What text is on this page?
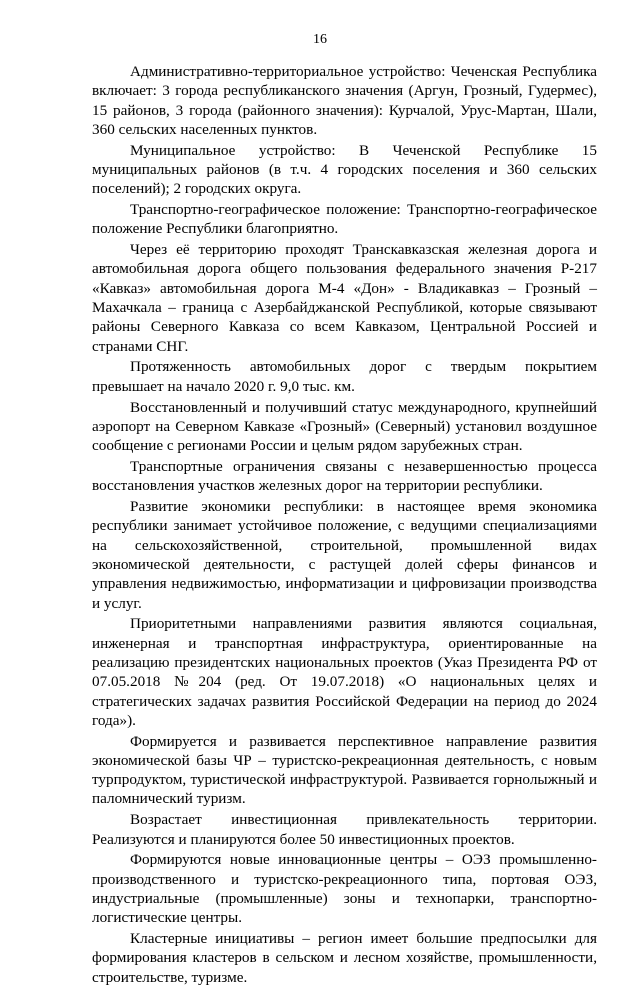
16

Административно-территориальное устройство: Чеченская Республика включает: 3 города республиканского значения (Аргун, Грозный, Гудермес), 15 районов, 3 города (районного значения): Курчалой, Урус-Мартан, Шали, 360 сельских населенных пунктов.

Муниципальное устройство: В Чеченской Республике 15 муниципальных районов (в т.ч. 4 городских поселения и 360 сельских поселений); 2 городских округа.

Транспортно-географическое положение: Транспортно-географическое положение Республики благоприятно.

Через её территорию проходят Транскавказская железная дорога и автомобильная дорога общего пользования федерального значения Р-217 «Кавказ» автомобильная дорога М-4 «Дон» - Владикавказ – Грозный – Махачкала – граница с Азербайджанской Республикой, которые связывают районы Северного Кавказа со всем Кавказом, Центральной Россией и странами СНГ.

Протяженность автомобильных дорог с твердым покрытием превышает на начало 2020 г. 9,0 тыс. км.

Восстановленный и получивший статус международного, крупнейший аэропорт на Северном Кавказе «Грозный» (Северный) установил воздушное сообщение с регионами России и целым рядом зарубежных стран.

Транспортные ограничения связаны с незавершенностью процесса восстановления участков железных дорог на территории республики.

Развитие экономики республики: в настоящее время экономика республики занимает устойчивое положение, с ведущими специализациями на сельскохозяйственной, строительной, промышленной видах экономической деятельности, с растущей долей сферы финансов и управления недвижимостью, информатизации и цифровизации производства и услуг.

Приоритетными направлениями развития являются социальная, инженерная и транспортная инфраструктура, ориентированные на реализацию президентских национальных проектов (Указ Президента РФ от 07.05.2018 №204 (ред. От 19.07.2018) «О национальных целях и стратегических задачах развития Российской Федерации на период до 2024 года»).

Формируется и развивается перспективное направление развития экономической базы ЧР – туристско-рекреационная деятельность, с новым турпродуктом, туристической инфраструктурой. Развивается горнолыжный и паломнический туризм.

Возрастает инвестиционная привлекательность территории. Реализуются и планируются более 50 инвестиционных проектов.

Формируются новые инновационные центры – ОЭЗ промышленно-производственного и туристско-рекреационного типа, портовая ОЭЗ, индустриальные (промышленные) зоны и технопарки, транспортно-логистические центры.

Кластерные инициативы – регион имеет большие предпосылки для формирования кластеров в сельском и лесном хозяйстве, промышленности, строительстве, туризме.
